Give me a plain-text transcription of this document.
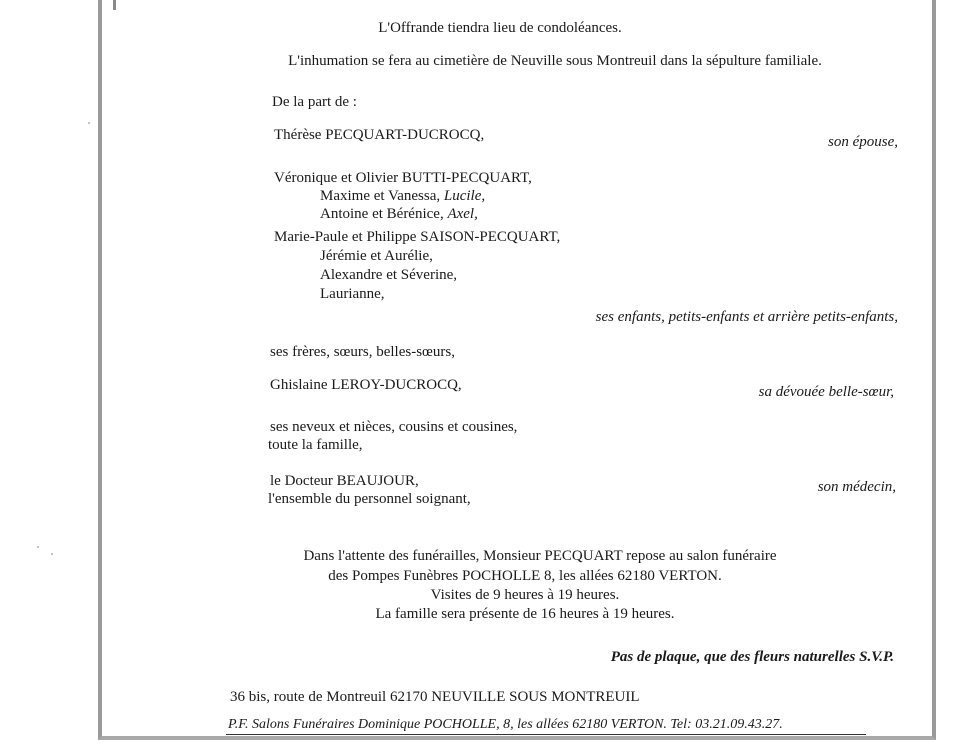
L'Offrande tiendra lieu de condoléances.
L'inhumation se fera au cimetière de Neuville sous Montreuil dans la sépulture familiale.
De la part de :
Thérèse PECQUART-DUCROCQ,	son épouse,
Véronique et Olivier BUTTI-PECQUART,
Maxime et Vanessa, Lucile,
Antoine et Bérénice, Axel,
Marie-Paule et Philippe SAISON-PECQUART,
Jérémie et Aurélie,
Alexandre et Séverine,
Laurianne,
ses enfants, petits-enfants et arrière petits-enfants,
ses frères, sœurs, belles-sœurs,
Ghislaine LEROY-DUCROCQ,	sa dévouée belle-sœur,
ses neveux et nièces, cousins et cousines,
toute la famille,
le Docteur BEAUJOUR,	son médecin,
l'ensemble du personnel soignant,
Dans l'attente des funérailles, Monsieur PECQUART repose au salon funéraire
des Pompes Funèbres POCHOLLE 8, les allées 62180 VERTON.
Visites de 9 heures à 19 heures.
La famille sera présente de 16 heures à 19 heures.
Pas de plaque, que des fleurs naturelles S.V.P.
36 bis, route de Montreuil 62170 NEUVILLE SOUS MONTREUIL
P.F. Salons Funéraires Dominique POCHOLLE, 8, les allées 62180 VERTON. Tel: 03.21.09.43.27.
